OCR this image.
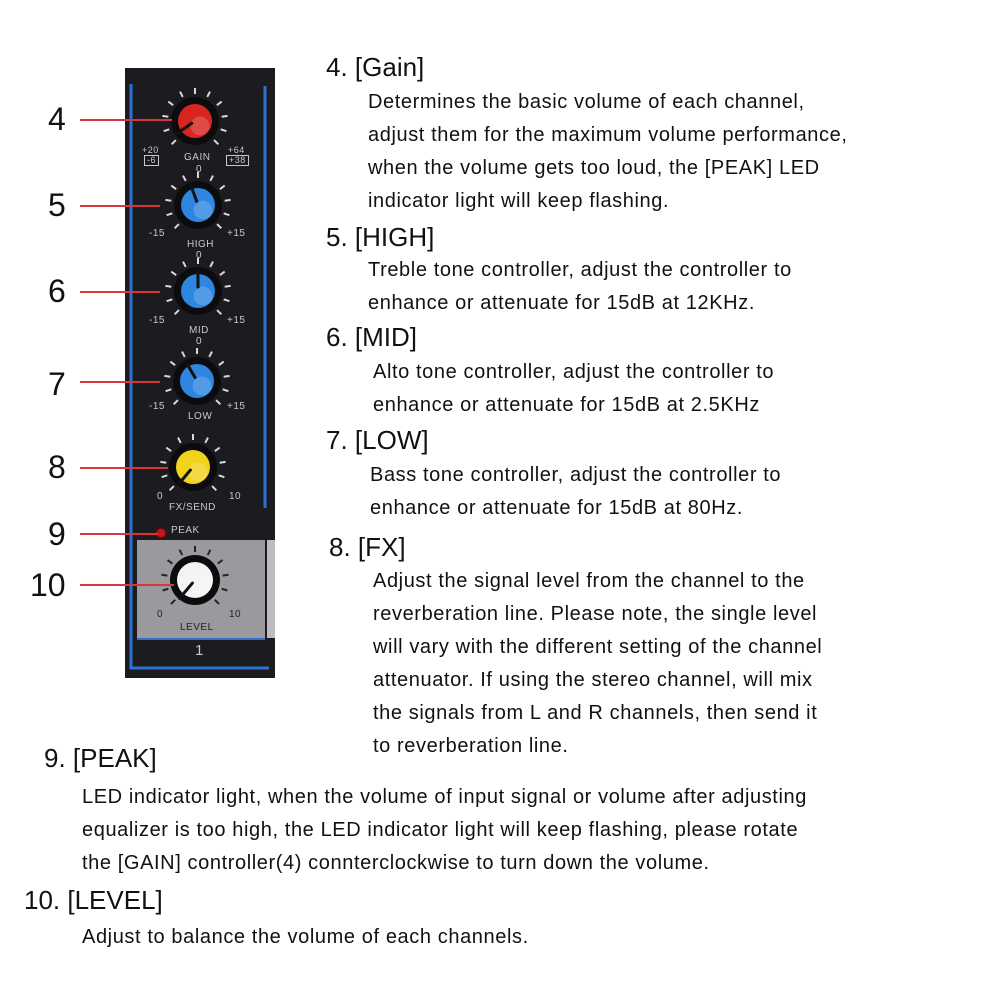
+20
-6	GAIN
+64
+38
0
-15
HIGH
+15
0
-15
MID
+15
0
-15
LOW
+15
0
FX/SEND
10
PEAK
0
LEVEL
10
1
4
5
6
7
8
9
10
4. [Gain]
Determines the basic volume of each channel,
adjust them for the maximum volume performance,
when the volume gets too loud, the [PEAK] LED
indicator light will keep flashing.
5. [HIGH]
Treble tone controller, adjust the controller to
enhance or attenuate for 15dB at 12KHz.
6. [MID]
Alto tone controller, adjust the controller to
enhance or attenuate for 15dB at 2.5KHz
7. [LOW]
Bass tone controller, adjust the controller to
enhance or attenuate for 15dB at 80Hz.
8. [FX]
Adjust the signal level from the channel to the
reverberation line. Please note, the single level
will vary with the different setting of the channel
attenuator. If using the stereo channel, will mix
the signals from L and R channels, then send it
to reverberation line.
9. [PEAK]
LED indicator light, when the volume of input signal or volume after adjusting
equalizer is too high, the LED indicator light will keep flashing, please rotate
the [GAIN] controller(4) connterclockwise to turn down the volume.
10. [LEVEL]
Adjust to balance the volume of each channels.
